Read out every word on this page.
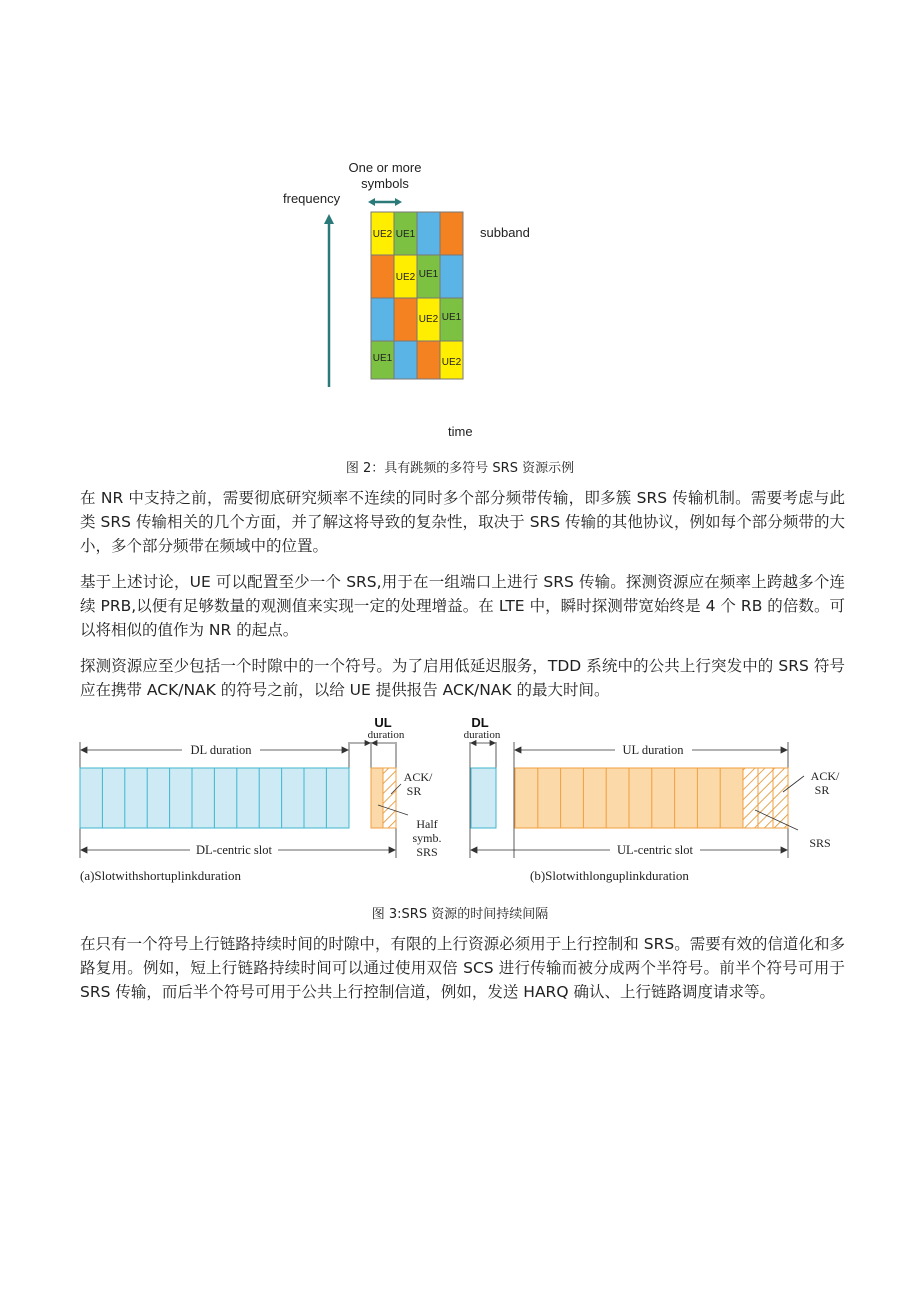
One or more
symbols
frequency
subband
time
UE2 UE1
UE2 UE1
UE2 UE1
UE1	UE2
图 2：具有跳频的多符号 SRS 资源示例

在 NR 中支持之前，需要彻底研究频率不连续的同时多个部分频带传输，即多簇 SRS 传输机制。需要考虑与此类 SRS 传输相关的几个方面，并了解这将导致的复杂性，取决于 SRS 传输的其他协议，例如每个部分频带的大小，多个部分频带在频域中的位置。

基于上述讨论，UE 可以配置至少一个 SRS,用于在一组端口上进行 SRS 传输。探测资源应在频率上跨越多个连续 PRB,以便有足够数量的观测值来实现一定的处理增益。在 LTE 中，瞬时探测带宽始终是 4 个 RB 的倍数。可以将相似的值作为 NR 的起点。

探测资源应至少包括一个时隙中的一个符号。为了启用低延迟服务，TDD 系统中的公共上行突发中的 SRS 符号应在携带 ACK/NAK 的符号之前，以给 UE 提供报告 ACK/NAK 的最大时间。

UL
duration
DL
duration
DL duration
DL-centric slot
ACK/
SR
Half
symb.
SRS
UL duration
UL-centric slot
ACK/
SR
SRS
(a)Slotwithshortuplinkduration	(b)Slotwithlonguplinkduration
图 3:SRS 资源的时间持续间隔

在只有一个符号上行链路持续时间的时隙中，有限的上行资源必须用于上行控制和 SRS。需要有效的信道化和多路复用。例如，短上行链路持续时间可以通过使用双倍 SCS 进行传输而被分成两个半符号。前半个符号可用于 SRS 传输，而后半个符号可用于公共上行控制信道，例如，发送 HARQ 确认、上行链路调度请求等。
